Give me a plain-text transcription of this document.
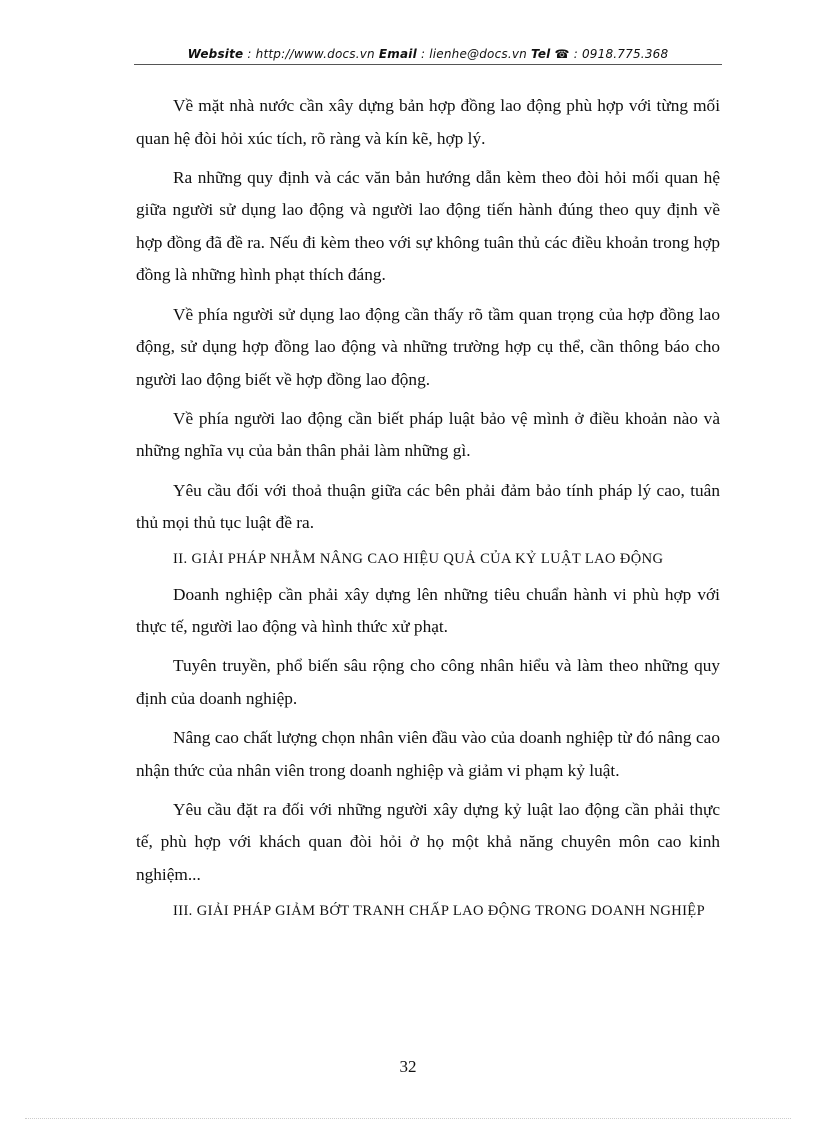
Website : http://www.docs.vn Email : lienhe@docs.vn Tel ☎ : 0918.775.368

Về mặt nhà nước cần xây dựng bản hợp đồng lao động phù hợp với từng mối quan hệ đòi hỏi xúc tích, rõ ràng và kín kẽ, hợp lý.

Ra những quy định và các văn bản hướng dẫn kèm theo đòi hỏi mối quan hệ giữa người sử dụng lao động và người lao động tiến hành đúng theo quy định về hợp đồng đã đề ra. Nếu đi kèm theo với sự không tuân thủ các điều khoản trong hợp đồng là những hình phạt thích đáng.

Về phía người sử dụng lao động cần thấy rõ tầm quan trọng của hợp đồng lao động, sử dụng hợp đồng lao động và những trường hợp cụ thể, cần thông báo cho người lao động biết về hợp đồng lao động.

Về phía người lao động cần biết pháp luật bảo vệ mình ở điều khoản nào và những nghĩa vụ của bản thân phải làm những gì.

Yêu cầu đối với thoả thuận giữa các bên phải đảm bảo tính pháp lý cao, tuân thủ mọi thủ tục luật đề ra.

II. GIẢI PHÁP NHẰM NÂNG CAO HIỆU QUẢ CỦA KỶ LUẬT LAO ĐỘNG

Doanh nghiệp cần phải xây dựng lên những tiêu chuẩn hành vi phù hợp với thực tế, người lao động và hình thức xử phạt.

Tuyên truyền, phổ biến sâu rộng cho công nhân hiểu và làm theo những quy định của doanh nghiệp.

Nâng cao chất lượng chọn nhân viên đầu vào của doanh nghiệp từ đó nâng cao nhận thức của nhân viên trong doanh nghiệp và giảm vi phạm kỷ luật.

Yêu cầu đặt ra đối với những người xây dựng kỷ luật lao động cần phải thực tế, phù hợp với khách quan đòi hỏi ở họ một khả năng chuyên môn cao kinh nghiệm...

III. GIẢI PHÁP GIẢM BỚT TRANH CHẤP LAO ĐỘNG TRONG DOANH NGHIỆP
32
